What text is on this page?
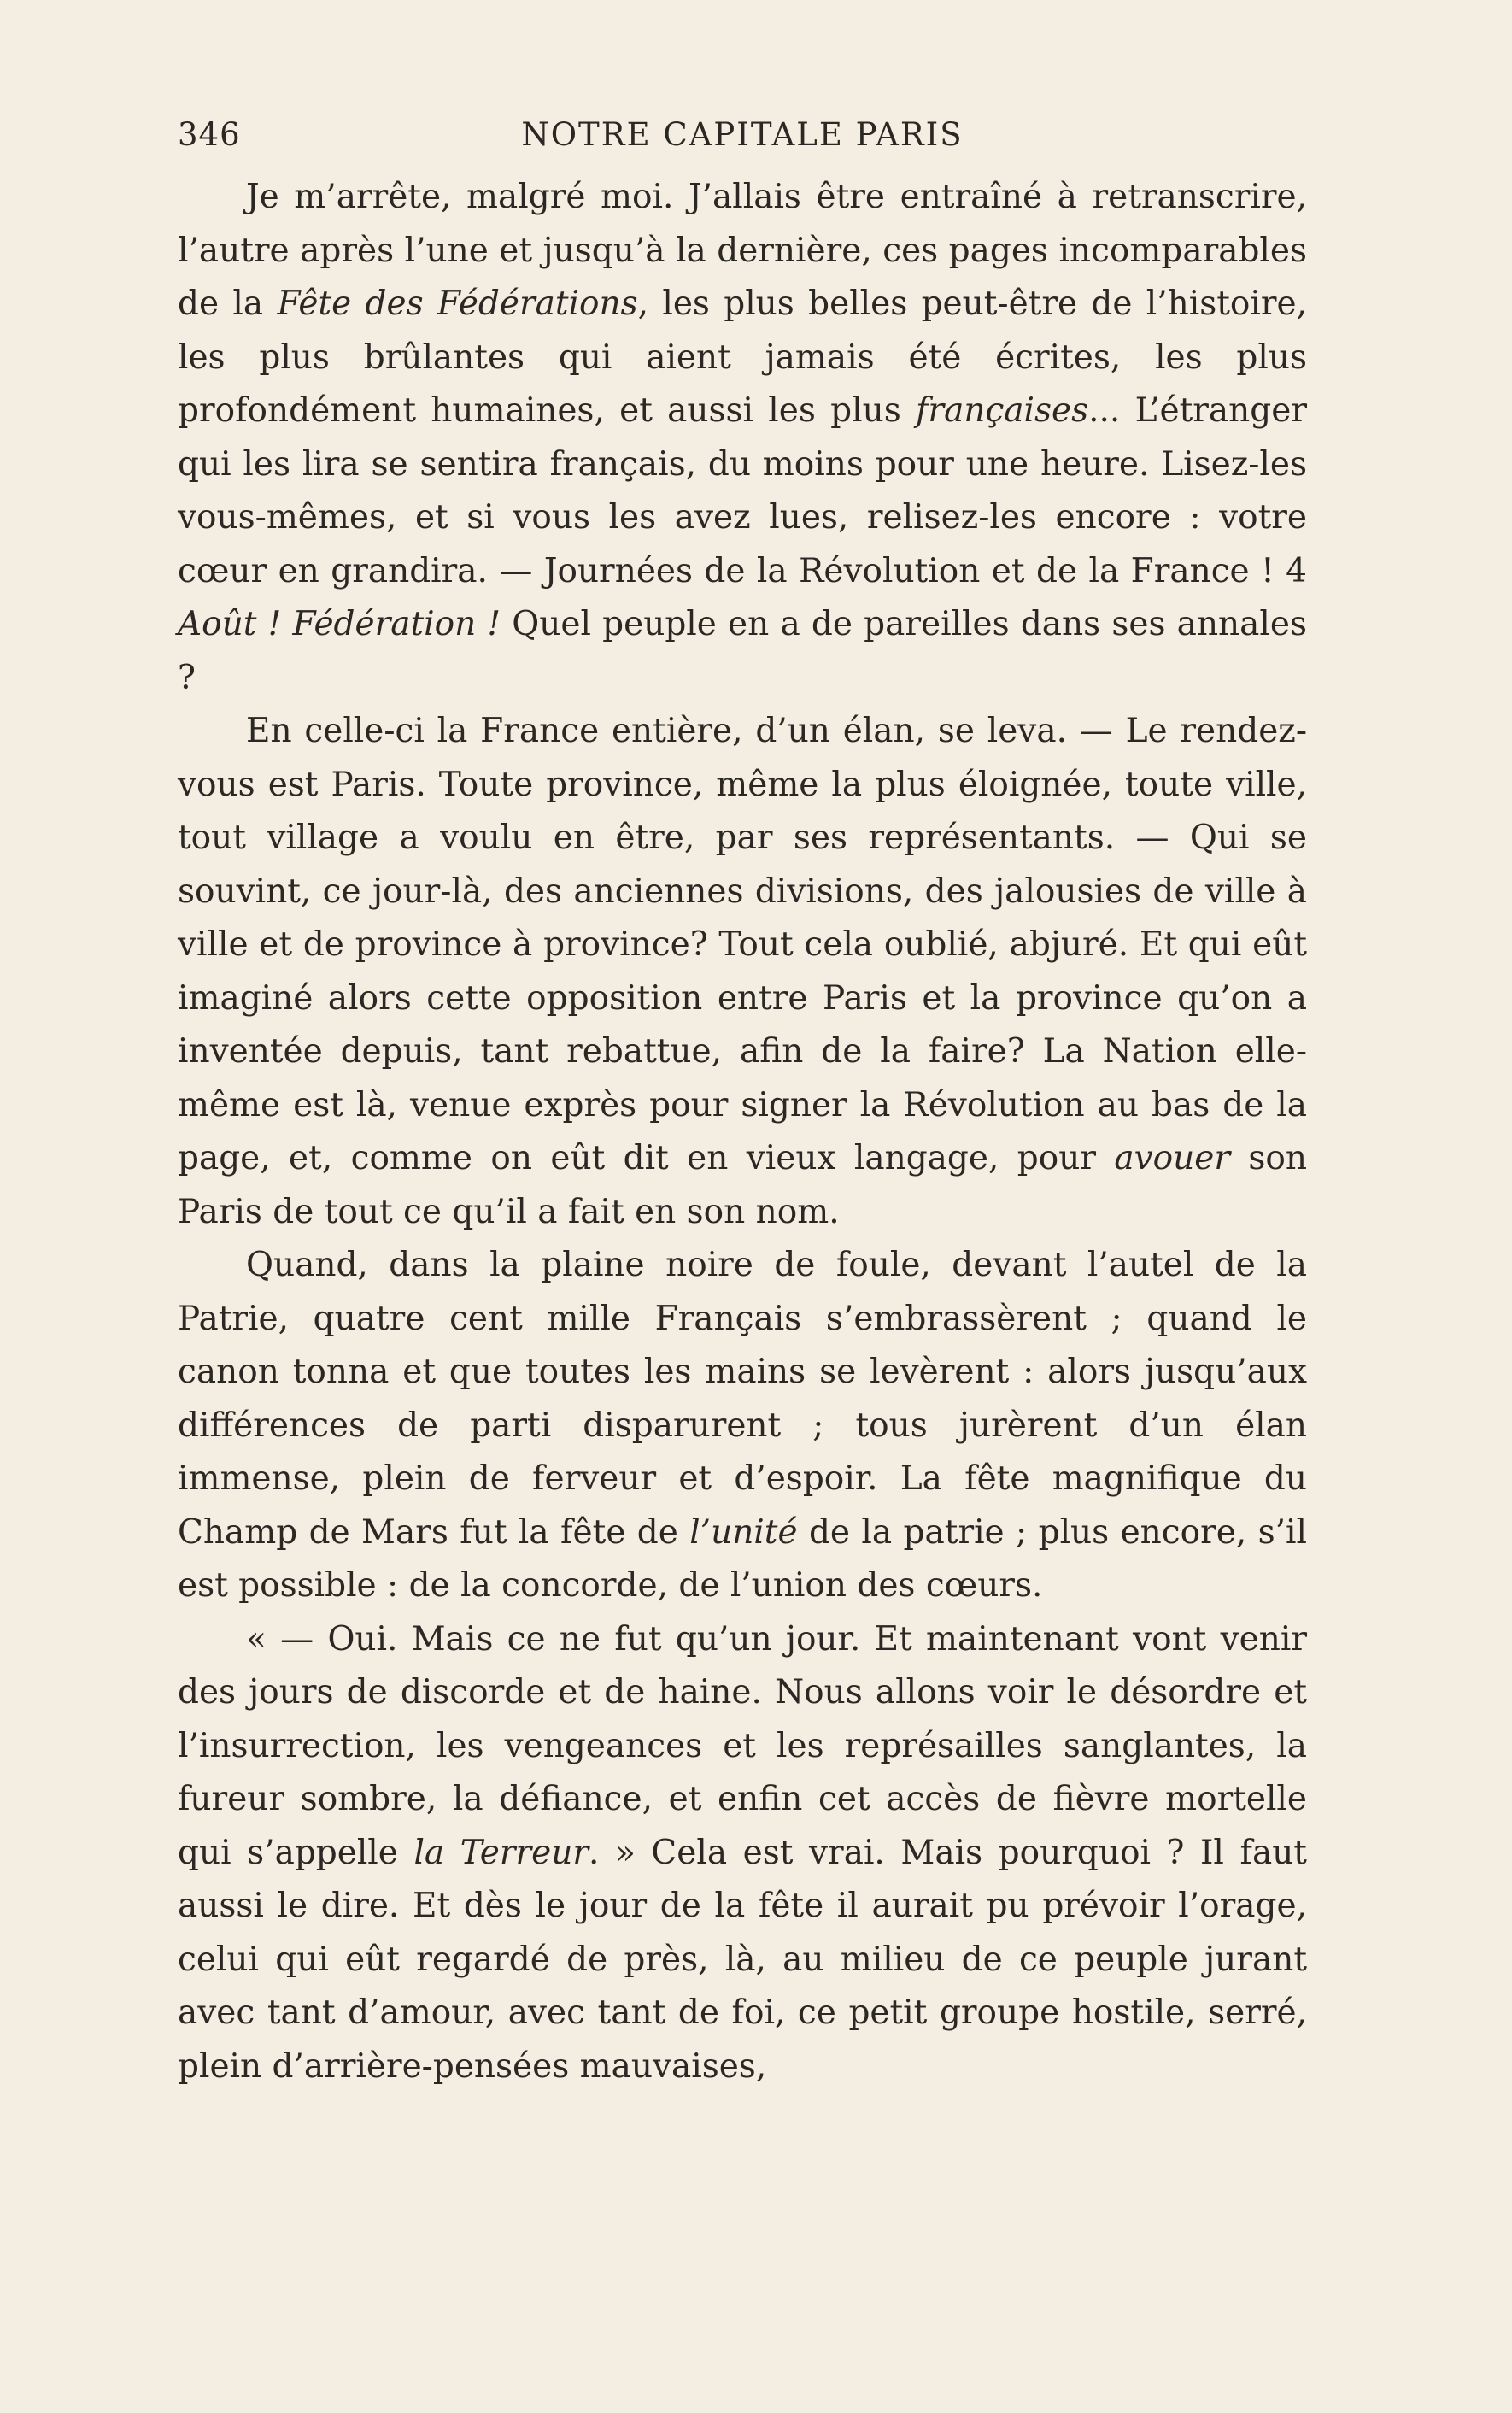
346	NOTRE CAPITALE PARIS

Je m’arrête, malgré moi. J’allais être entraîné à retranscrire, l’autre après l’une et jusqu’à la dernière, ces pages incomparables de la Fête des Fédérations, les plus belles peut-être de l’histoire, les plus brûlantes qui aient jamais été écrites, les plus profondément humaines, et aussi les plus françaises... L’étranger qui les lira se sentira français, du moins pour une heure. Lisez-les vous-mêmes, et si vous les avez lues, relisez-les encore : votre cœur en grandira. — Journées de la Révolution et de la France ! 4 Août ! Fédération ! Quel peuple en a de pareilles dans ses annales ?

En celle-ci la France entière, d’un élan, se leva. — Le rendez-vous est Paris. Toute province, même la plus éloignée, toute ville, tout village a voulu en être, par ses représentants. — Qui se souvint, ce jour-là, des anciennes divisions, des jalousies de ville à ville et de province à province? Tout cela oublié, abjuré. Et qui eût imaginé alors cette opposition entre Paris et la province qu’on a inventée depuis, tant rebattue, afin de la faire? La Nation elle-même est là, venue exprès pour signer la Révolution au bas de la page, et, comme on eût dit en vieux langage, pour avouer son Paris de tout ce qu’il a fait en son nom.

Quand, dans la plaine noire de foule, devant l’autel de la Patrie, quatre cent mille Français s’embrassèrent ; quand le canon tonna et que toutes les mains se levèrent : alors jusqu’aux différences de parti disparurent ; tous jurèrent d’un élan immense, plein de ferveur et d’espoir. La fête magnifique du Champ de Mars fut la fête de l’unité de la patrie ; plus encore, s’il est possible : de la concorde, de l’union des cœurs.

« — Oui. Mais ce ne fut qu’un jour. Et maintenant vont venir des jours de discorde et de haine. Nous allons voir le désordre et l’insurrection, les vengeances et les représailles sanglantes, la fureur sombre, la défiance, et enfin cet accès de fièvre mortelle qui s’appelle la Terreur. » Cela est vrai. Mais pourquoi ? Il faut aussi le dire. Et dès le jour de la fête il aurait pu prévoir l’orage, celui qui eût regardé de près, là, au milieu de ce peuple jurant avec tant d’amour, avec tant de foi, ce petit groupe hostile, serré, plein d’arrière-pensées mauvaises,
